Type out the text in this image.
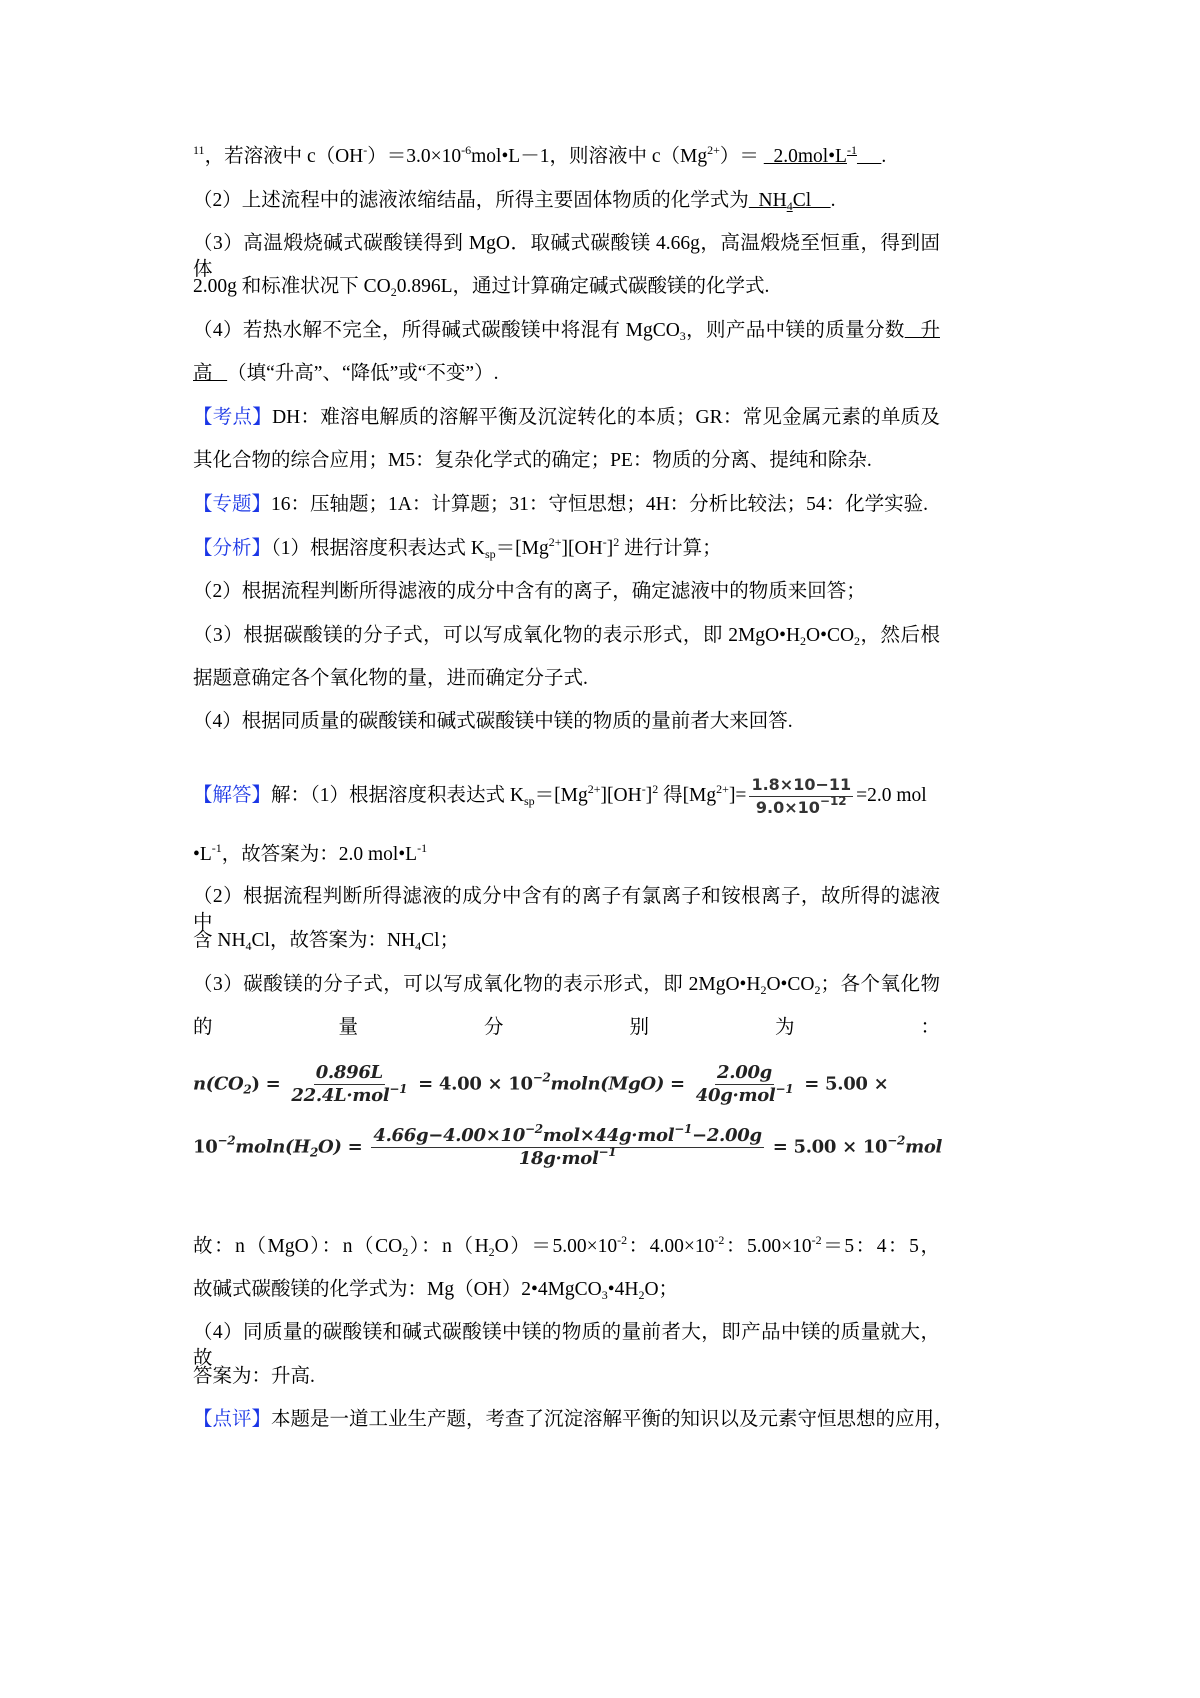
$^{11}$，若溶液中 $c(OH^-)=3.0\times 10^{-6}mol•L-1$，则溶液中 $c(Mg^{2+})=$   $2.0mol•L^{-1}$ .
（2）上述流程中的滤液浓缩结晶，所得主要固体物质的化学式为  $NH_4Cl$    .
（3）高温煅烧碱式碳酸镁得到 MgO．取碱式碳酸镁 4.66g，高温煅烧至恒重，得到固体
2.00g 和标准状况下 $CO_20.896L$，通过计算确定碱式碳酸镁的化学式.
（4）若热水解不完全，所得碱式碳酸镁中将混有 MgCO$_3$，则产品中镁的质量分数   升
高   （填“升高”、“降低”或“不变”）.
【考点】DH：难溶电解质的溶解平衡及沉淀转化的本质；GR：常见金属元素的单质及
其化合物的综合应用；M5：复杂化学式的确定；PE：物质的分离、提纯和除杂.
【专题】16：压轴题；1A：计算题；31：守恒思想；4H：分析比较法；54：化学实验.
【分析】（1）根据溶度积表达式 $K_{sp}=[Mg^{2+}][OH^-]^2$ 进行计算；
（2）根据流程判断所得滤液的成分中含有的离子，确定滤液中的物质来回答；
（3）根据碳酸镁的分子式，可以写成氧化物的表示形式，即 $2MgO•H_2O•CO_2$，然后根
据题意确定各个氧化物的量，进而确定分子式.
（4）根据同质量的碳酸镁和碱式碳酸镁中镁的物质的量前者大来回答.
【解答】解：（1）根据溶度积表达式 $K_{sp}=[Mg^{2+}][OH^-]^2$ 得$[Mg^{2+}]= \frac{1.8\times 10-11}{9.0\times 10^{-12}} =2.0$ mol
$•L^{-1}$，故答案为：2.0 $mol•L^{-1}$
（2）根据流程判断所得滤液的成分中含有的离子有氯离子和铵根离子，故所得的滤液中
含 $NH_4Cl$，故答案为：$NH_4Cl$；
（3）碳酸镁的分子式，可以写成氧化物的表示形式，即 $2MgO•H_2O•CO_2$；各个氧化物
的 量 分 别 为 ：
$n(CO_2) = \frac{0.896L}{22.4L\cdot mol^{-1}} = 4.00 \times 10^{-2}moln(MgO) = \frac{2.00g}{40g\cdot mol^{-1}} = 5.00$ ×
$10^{-2}moln(H_2O) = \frac{4.66g-4.00\times 10^{-2}mol\times 44g\cdot mol^{-1}-2.00g}{18g\cdot mol^{-1}} = 5.00 \times 10^{-2}mol$
故：n（MgO）：$n(CO_2)$：$n(H_2O)=5.00\times 10^{-2}$：$4.00\times 10^{-2}$：$5.00\times 10^{-2}=5$：4：5，
故碱式碳酸镁的化学式为：$Mg(OH)2•4MgCO_3•4H_2O$；
（4）同质量的碳酸镁和碱式碳酸镁中镁的物质的量前者大，即产品中镁的质量就大，故
答案为：升高.
【点评】本题是一道工业生产题，考查了沉淀溶解平衡的知识以及元素守恒思想的应用，
